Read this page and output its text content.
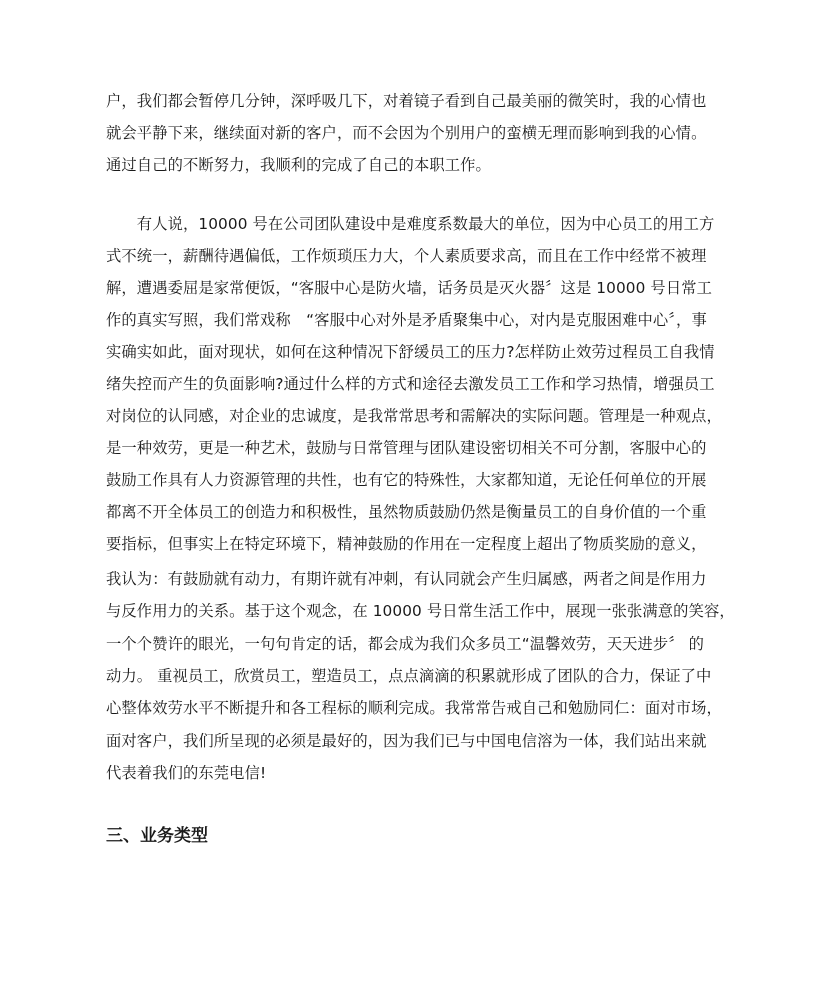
户，我们都会暂停几分钟，深呼吸几下，对着镜子看到自己最美丽的微笑时，我的心情也
就会平静下来，继续面对新的客户，而不会因为个别用户的蛮横无理而影响到我的心情。
通过自己的不断努力，我顺利的完成了自己的本职工作。
　　有人说，10000 号在公司团队建设中是难度系数最大的单位，因为中心员工的用工方
式不统一，薪酬待遇偏低，工作烦琐压力大，个人素质要求高，而且在工作中经常不被理
解，遭遇委屈是家常便饭，“客服中心是防火墙，话务员是灭火器〞这是 10000 号日常工
作的真实写照，我们常戏称　“客服中心对外是矛盾聚集中心，对内是克服困难中心〞，事
实确实如此，面对现状，如何在这种情况下舒缓员工的压力?怎样防止效劳过程员工自我情
绪失控而产生的负面影响?通过什么样的方式和途径去激发员工工作和学习热情，增强员工
对岗位的认同感，对企业的忠诚度，是我常常思考和需解决的实际问题。管理是一种观点，
是一种效劳，更是一种艺术，鼓励与日常管理与团队建设密切相关不可分割，客服中心的
鼓励工作具有人力资源管理的共性，也有它的特殊性，大家都知道，无论任何单位的开展
都离不开全体员工的创造力和积极性，虽然物质鼓励仍然是衡量员工的自身价值的一个重
要指标，但事实上在特定环境下，精神鼓励的作用在一定程度上超出了物质奖励的意义，
我认为：有鼓励就有动力，有期许就有冲刺，有认同就会产生归属感，两者之间是作用力
与反作用力的关系。基于这个观念，在 10000 号日常生活工作中，展现一张张满意的笑容，
一个个赞许的眼光，一句句肯定的话，都会成为我们众多员工“温馨效劳，天天进步〞 的
动力。 重视员工，欣赏员工，塑造员工，点点滴滴的积累就形成了团队的合力，保证了中
心整体效劳水平不断提升和各工程标的顺利完成。我常常告戒自己和勉励同仁：面对市场，
面对客户，我们所呈现的必须是最好的，因为我们已与中国电信溶为一体，我们站出来就
代表着我们的东莞电信!
三、业务类型
